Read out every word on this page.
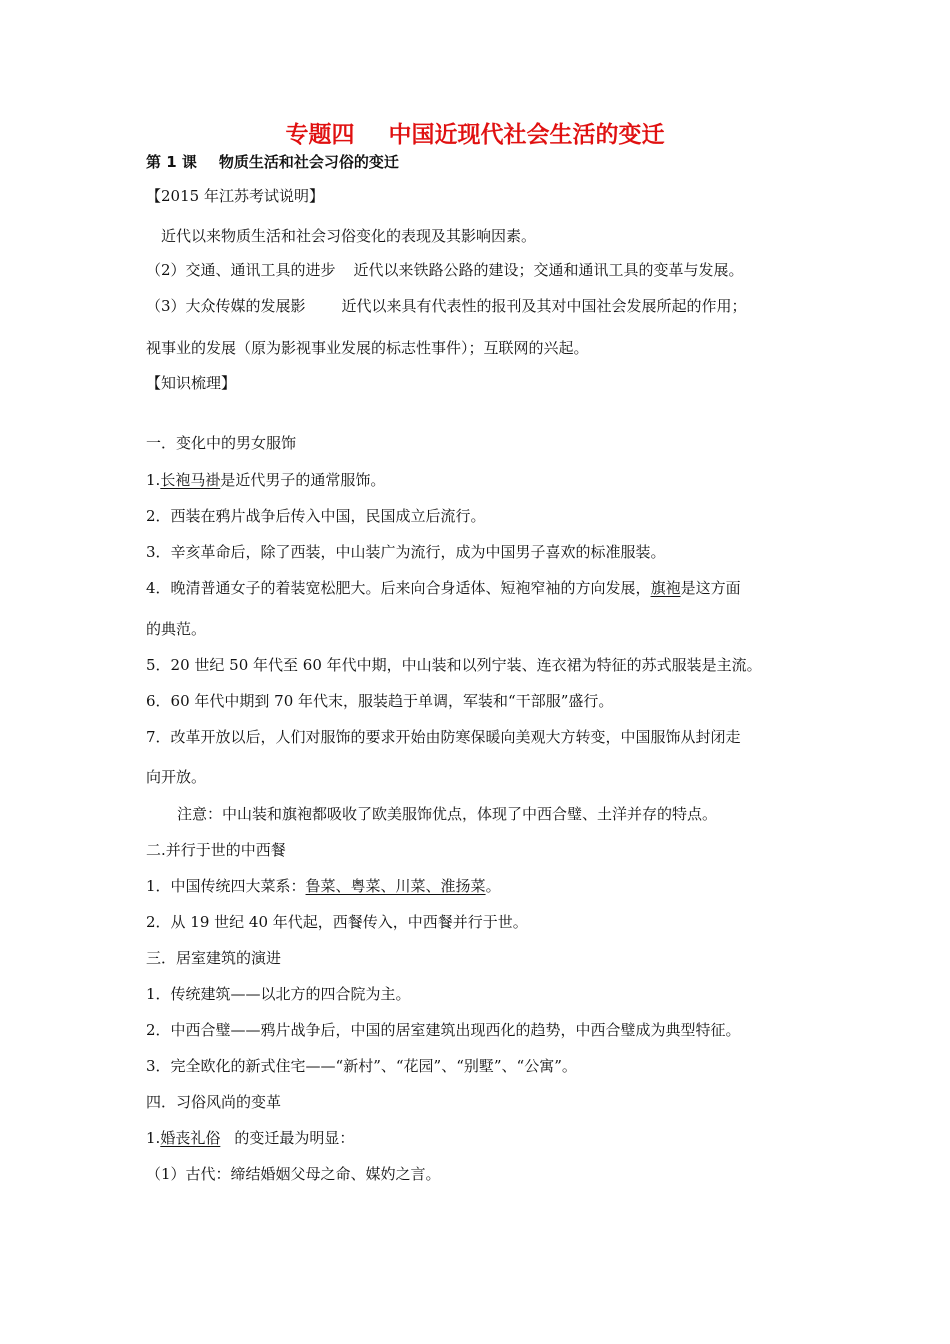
专题四 中国近现代社会生活的变迁
第 1 课 物质生活和社会习俗的变迁
【2015 年江苏考试说明】
近代以来物质生活和社会习俗变化的表现及其影响因素。
（2）交通、通讯工具的进步 近代以来铁路公路的建设；交通和通讯工具的变革与发展。
（3）大众传媒的发展影 近代以来具有代表性的报刊及其对中国社会发展所起的作用；
视事业的发展（原为影视事业发展的标志性事件）；互联网的兴起。
【知识梳理】
一．变化中的男女服饰
1.长袍马褂是近代男子的通常服饰。
2．西装在鸦片战争后传入中国，民国成立后流行。
3．辛亥革命后，除了西装，中山装广为流行，成为中国男子喜欢的标准服装。
4．晚清普通女子的着装宽松肥大。后来向合身适体、短袍窄袖的方向发展，旗袍是这方面
的典范。
5．20 世纪 50 年代至 60 年代中期，中山装和以列宁装、连衣裙为特征的苏式服装是主流。
6．60 年代中期到 70 年代末，服装趋于单调，军装和“干部服”盛行。
7．改革开放以后，人们对服饰的要求开始由防寒保暖向美观大方转变，中国服饰从封闭走
向开放。
注意：中山装和旗袍都吸收了欧美服饰优点，体现了中西合璧、土洋并存的特点。
二.并行于世的中西餐
1．中国传统四大菜系：鲁菜、粤菜、川菜、淮扬菜。
2．从 19 世纪 40 年代起，西餐传入，中西餐并行于世。
三．居室建筑的演进
1．传统建筑——以北方的四合院为主。
2．中西合璧——鸦片战争后，中国的居室建筑出现西化的趋势，中西合璧成为典型特征。
3．完全欧化的新式住宅——“新村”、“花园”、“别墅”、“公寓”。
四．习俗风尚的变革
1.婚丧礼俗 的变迁最为明显：
（1）古代：缔结婚姻父母之命、媒妁之言。
